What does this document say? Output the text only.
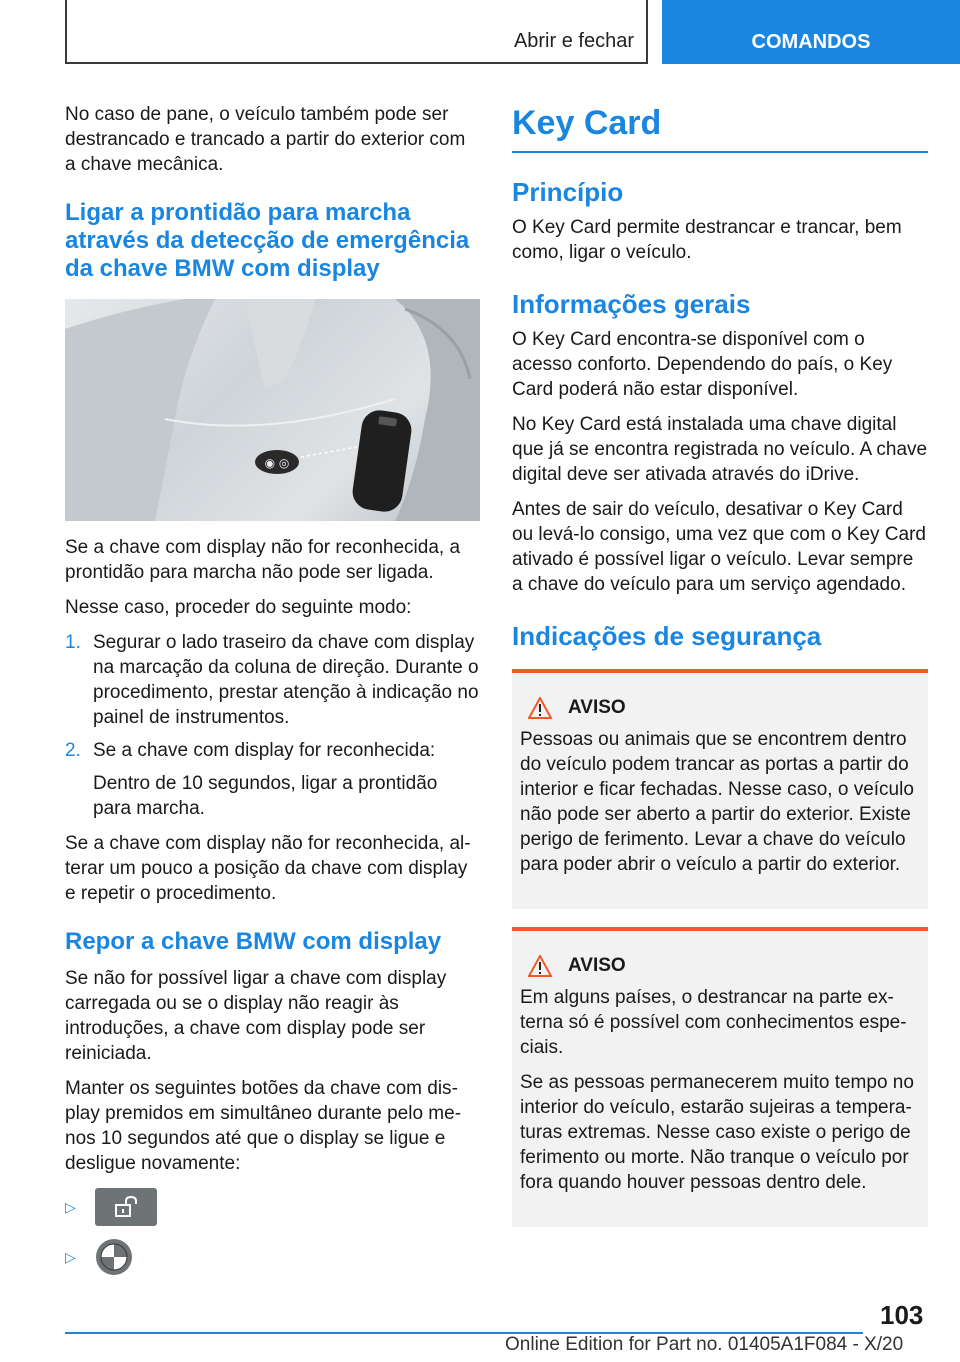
Abrir e fechar	COMANDOS

No caso de pane, o veículo também pode ser destrancado e trancado a partir do exterior com a chave mecânica.

Ligar a prontidão para marcha através da detecção de emergência da chave BMW com display
◉ ◎

Se a chave com display não for reconhecida, a prontidão para marcha não pode ser ligada.

Nesse caso, proceder do seguinte modo:

1. Segurar o lado traseiro da chave com display na marcação da coluna de direção. Durante o procedimento, prestar atenção à indicação no painel de instrumentos.
2. Se a chave com display for reconhecida:
Dentro de 10 segundos, ligar a prontidão para marcha.

Se a chave com display não for reconhecida, alterar um pouco a posição da chave com display e repetir o procedimento.

Repor a chave BMW com display

Se não for possível ligar a chave com display carregada ou se o display não reagir às introduções, a chave com display pode ser reiniciada.

Manter os seguintes botões da chave com display premidos em simultâneo durante pelo menos 10 segundos até que o display se ligue e desligue novamente:

▷
▷
Key Card
Princípio

O Key Card permite destrancar e trancar, bem como, ligar o veículo.

Informações gerais

O Key Card encontra-se disponível com o acesso conforto. Dependendo do país, o Key Card poderá não estar disponível.

No Key Card está instalada uma chave digital que já se encontra registrada no veículo. A chave digital deve ser ativada através do iDrive.

Antes de sair do veículo, desativar o Key Card ou levá-lo consigo, uma vez que com o Key Card ativado é possível ligar o veículo. Levar sempre a chave do veículo para um serviço agendado.

Indicações de segurança
AVISO

Pessoas ou animais que se encontrem dentro do veículo podem trancar as portas a partir do interior e ficar fechadas. Nesse caso, o veículo não pode ser aberto a partir do exterior. Existe perigo de ferimento. Levar a chave do veículo para poder abrir o veículo a partir do exterior.

AVISO

Em alguns países, o destrancar na parte externa só é possível com conhecimentos especiais.

Se as pessoas permanecerem muito tempo no interior do veículo, estarão sujeiras a temperaturas extremas. Nesse caso existe o perigo de ferimento ou morte. Não tranque o veículo por fora quando houver pessoas dentro dele.

103
Online Edition for Part no. 01405A1F084 - X/20
